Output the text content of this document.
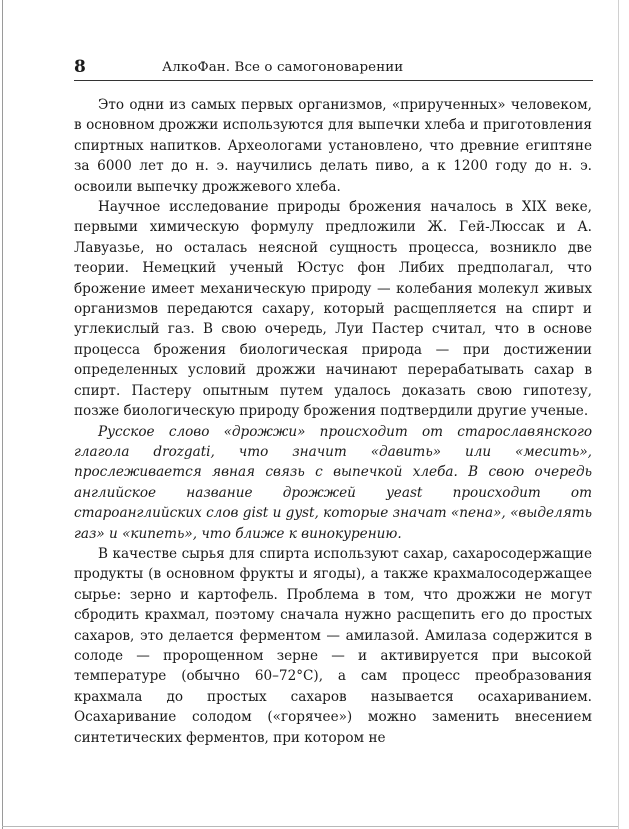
8	АлкоФан. Все о самогоноварении

Это одни из самых первых организмов, «прирученных» человеком, в основном дрожжи используются для выпечки хлеба и приготовления спиртных напитков. Археологами установлено, что древние египтяне за 6000 лет до н. э. научились делать пиво, а к 1200 году до н. э. освоили выпечку дрожжевого хлеба.

Научное исследование природы брожения началось в XIX веке, первыми химическую формулу предложили Ж. Гей-Люссак и А. Лавуазье, но осталась неясной сущность процесса, возникло две теории. Немецкий ученый Юстус фон Либих предполагал, что брожение имеет механическую природу — колебания молекул живых организмов передаются сахару, который расщепляется на спирт и углекислый газ. В свою очередь, Луи Пастер считал, что в основе процесса брожения биологическая природа — при достижении определенных условий дрожжи начинают перерабатывать сахар в спирт. Пастеру опытным путем удалось доказать свою гипотезу, позже биологическую природу брожения подтвердили другие ученые.

Русское слово «дрожжи» происходит от старославянского глагола drozgati, что значит «давить» или «месить», прослеживается явная связь с выпечкой хлеба. В свою очередь английское название дрожжей yeast происходит от староанглийских слов gist и gyst, которые значат «пена», «выделять газ» и «кипеть», что ближе к винокурению.

В качестве сырья для спирта используют сахар, сахаросодержащие продукты (в основном фрукты и ягоды), а также крахмалосодержащее сырье: зерно и картофель. Проблема в том, что дрожжи не могут сбродить крахмал, поэтому сначала нужно расщепить его до простых сахаров, это делается ферментом — амилазой. Амилаза содержится в солоде — пророщенном зерне — и активируется при высокой температуре (обычно 60–72°C), а сам процесс преобразования крахмала до простых сахаров называется осахариванием. Осахаривание солодом («горячее») можно заменить внесением синтетических ферментов, при котором не
